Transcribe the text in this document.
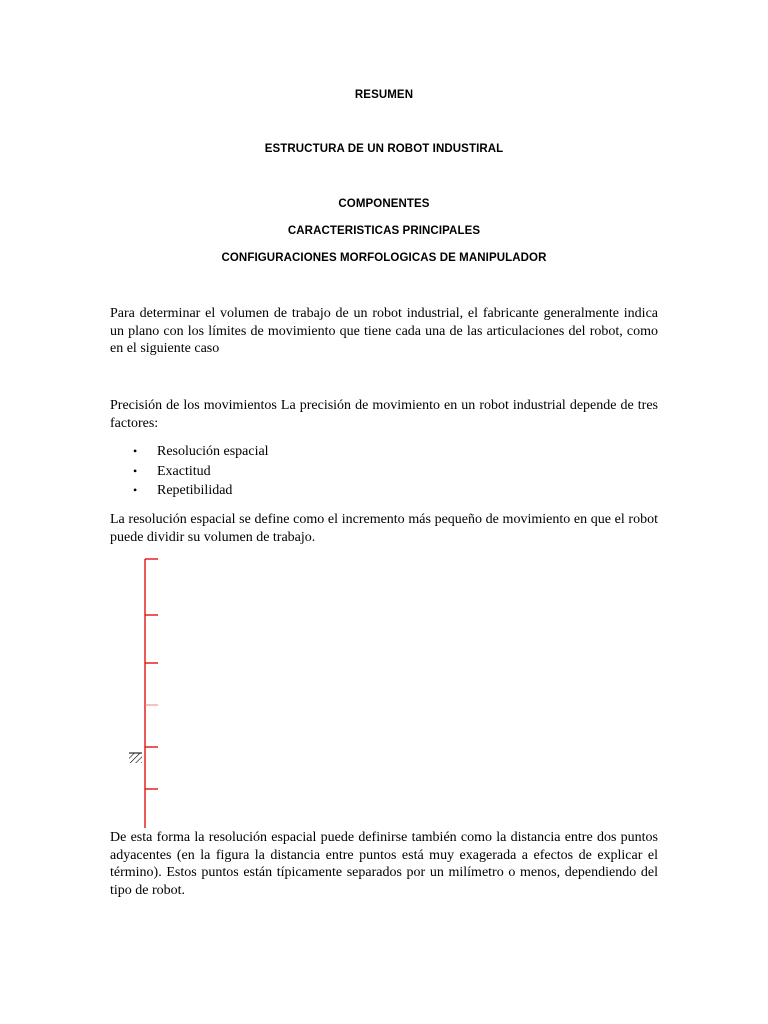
RESUMEN
ESTRUCTURA DE UN ROBOT INDUSTIRAL
COMPONENTES
CARACTERISTICAS PRINCIPALES
CONFIGURACIONES MORFOLOGICAS DE MANIPULADOR

Para determinar el volumen de trabajo de un robot industrial, el fabricante generalmente indica un plano con los límites de movimiento que tiene cada una de las articulaciones del robot, como en el siguiente caso

Precisión de los movimientos La precisión de movimiento en un robot industrial depende de tres factores:

• Resolución espacial
• Exactitud
• Repetibilidad

La resolución espacial se define como el incremento más pequeño de movimiento en que el robot puede dividir su volumen de trabajo.

De esta forma la resolución espacial puede definirse también como la distancia entre dos puntos adyacentes (en la figura la distancia entre puntos está muy exagerada a efectos de explicar el término). Estos puntos están típicamente separados por un milímetro o menos, dependiendo del tipo de robot.
